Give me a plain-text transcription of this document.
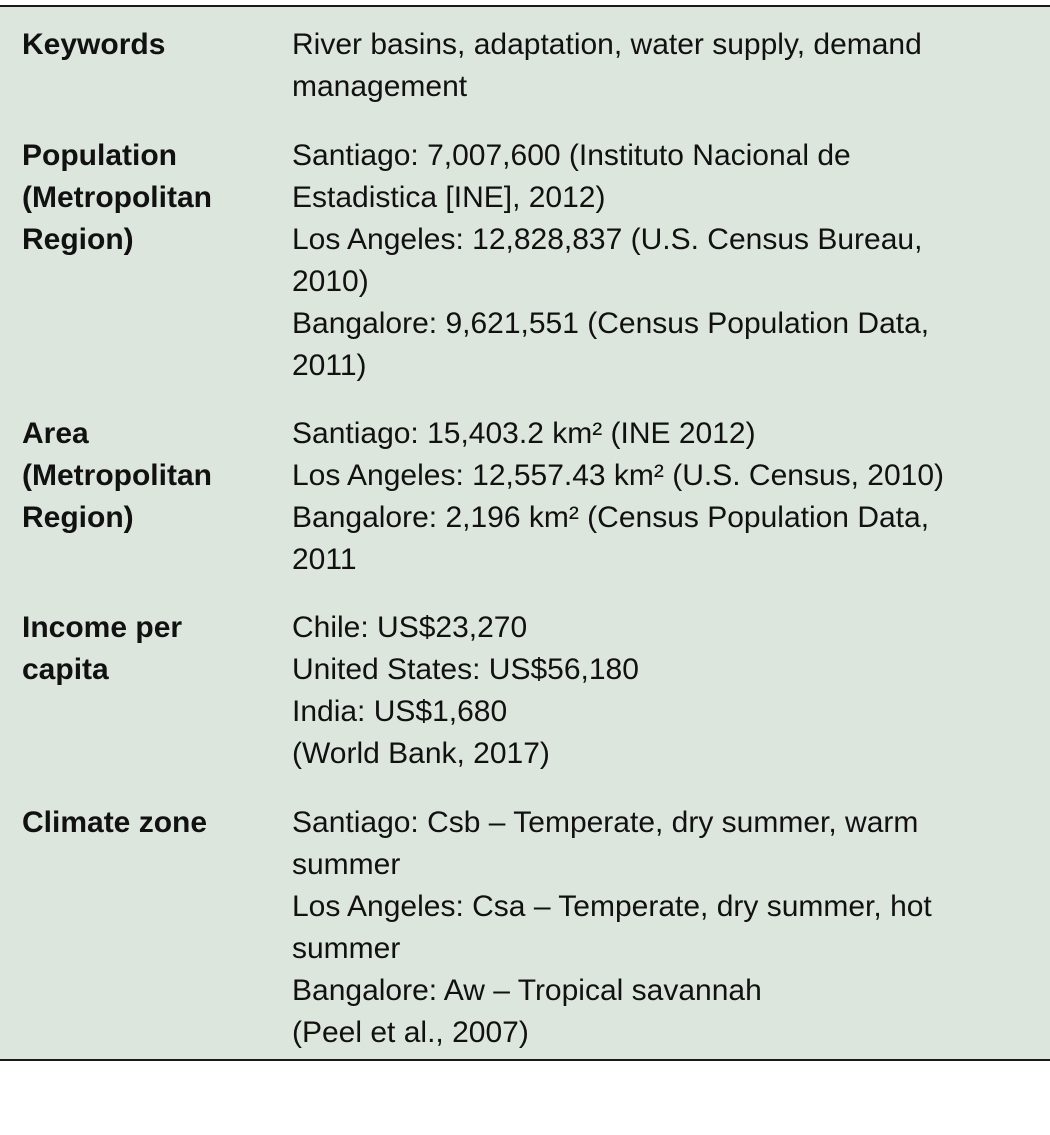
Keywords	River basins, adaptation, water supply, demand
management
Population
(Metropolitan
Region)
Santiago: 7,007,600 (Instituto Nacional de
Estadistica [INE], 2012)
Los Angeles: 12,828,837 (U.S. Census Bureau,
2010)
Bangalore: 9,621,551 (Census Population Data,
2011)
Area
(Metropolitan
Region)
Santiago: 15,403.2 km² (INE 2012)
Los Angeles: 12,557.43 km² (U.S. Census, 2010)
Bangalore: 2,196 km² (Census Population Data,
2011
Income per
capita
Chile: US$23,270
United States: US$56,180
India: US$1,680
(World Bank, 2017)
Climate zone	Santiago: Csb – Temperate, dry summer, warm
summer
Los Angeles: Csa – Temperate, dry summer, hot
summer
Bangalore: Aw – Tropical savannah
(Peel et al., 2007)
